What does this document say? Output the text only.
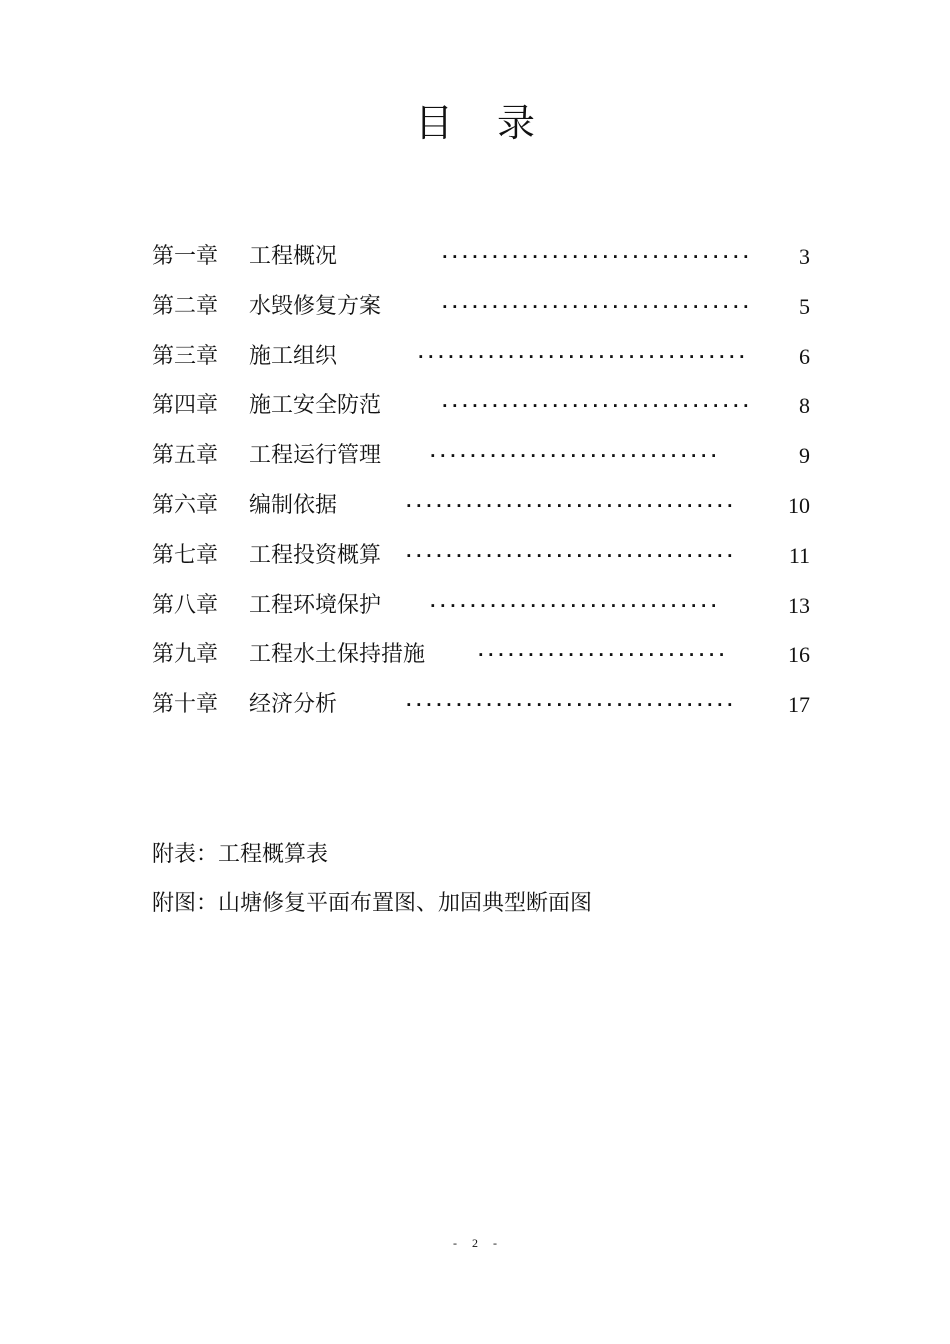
目录
第一章 工程概况	······························· 3
第二章 水毁修复方案	······························· 5
第三章 施工组织	································· 6
第四章 施工安全防范	······························· 8
第五章 工程运行管理	·····························	9
第六章 编制依据	································· 10
第七章 工程投资概算 ································· 11
第八章 工程环境保护	·····························	13
第九章 工程水土保持措施	·························	16
第十章 经济分析	································· 17
附表：工程概算表
附图：山塘修复平面布置图、加固典型断面图
- 2 -
